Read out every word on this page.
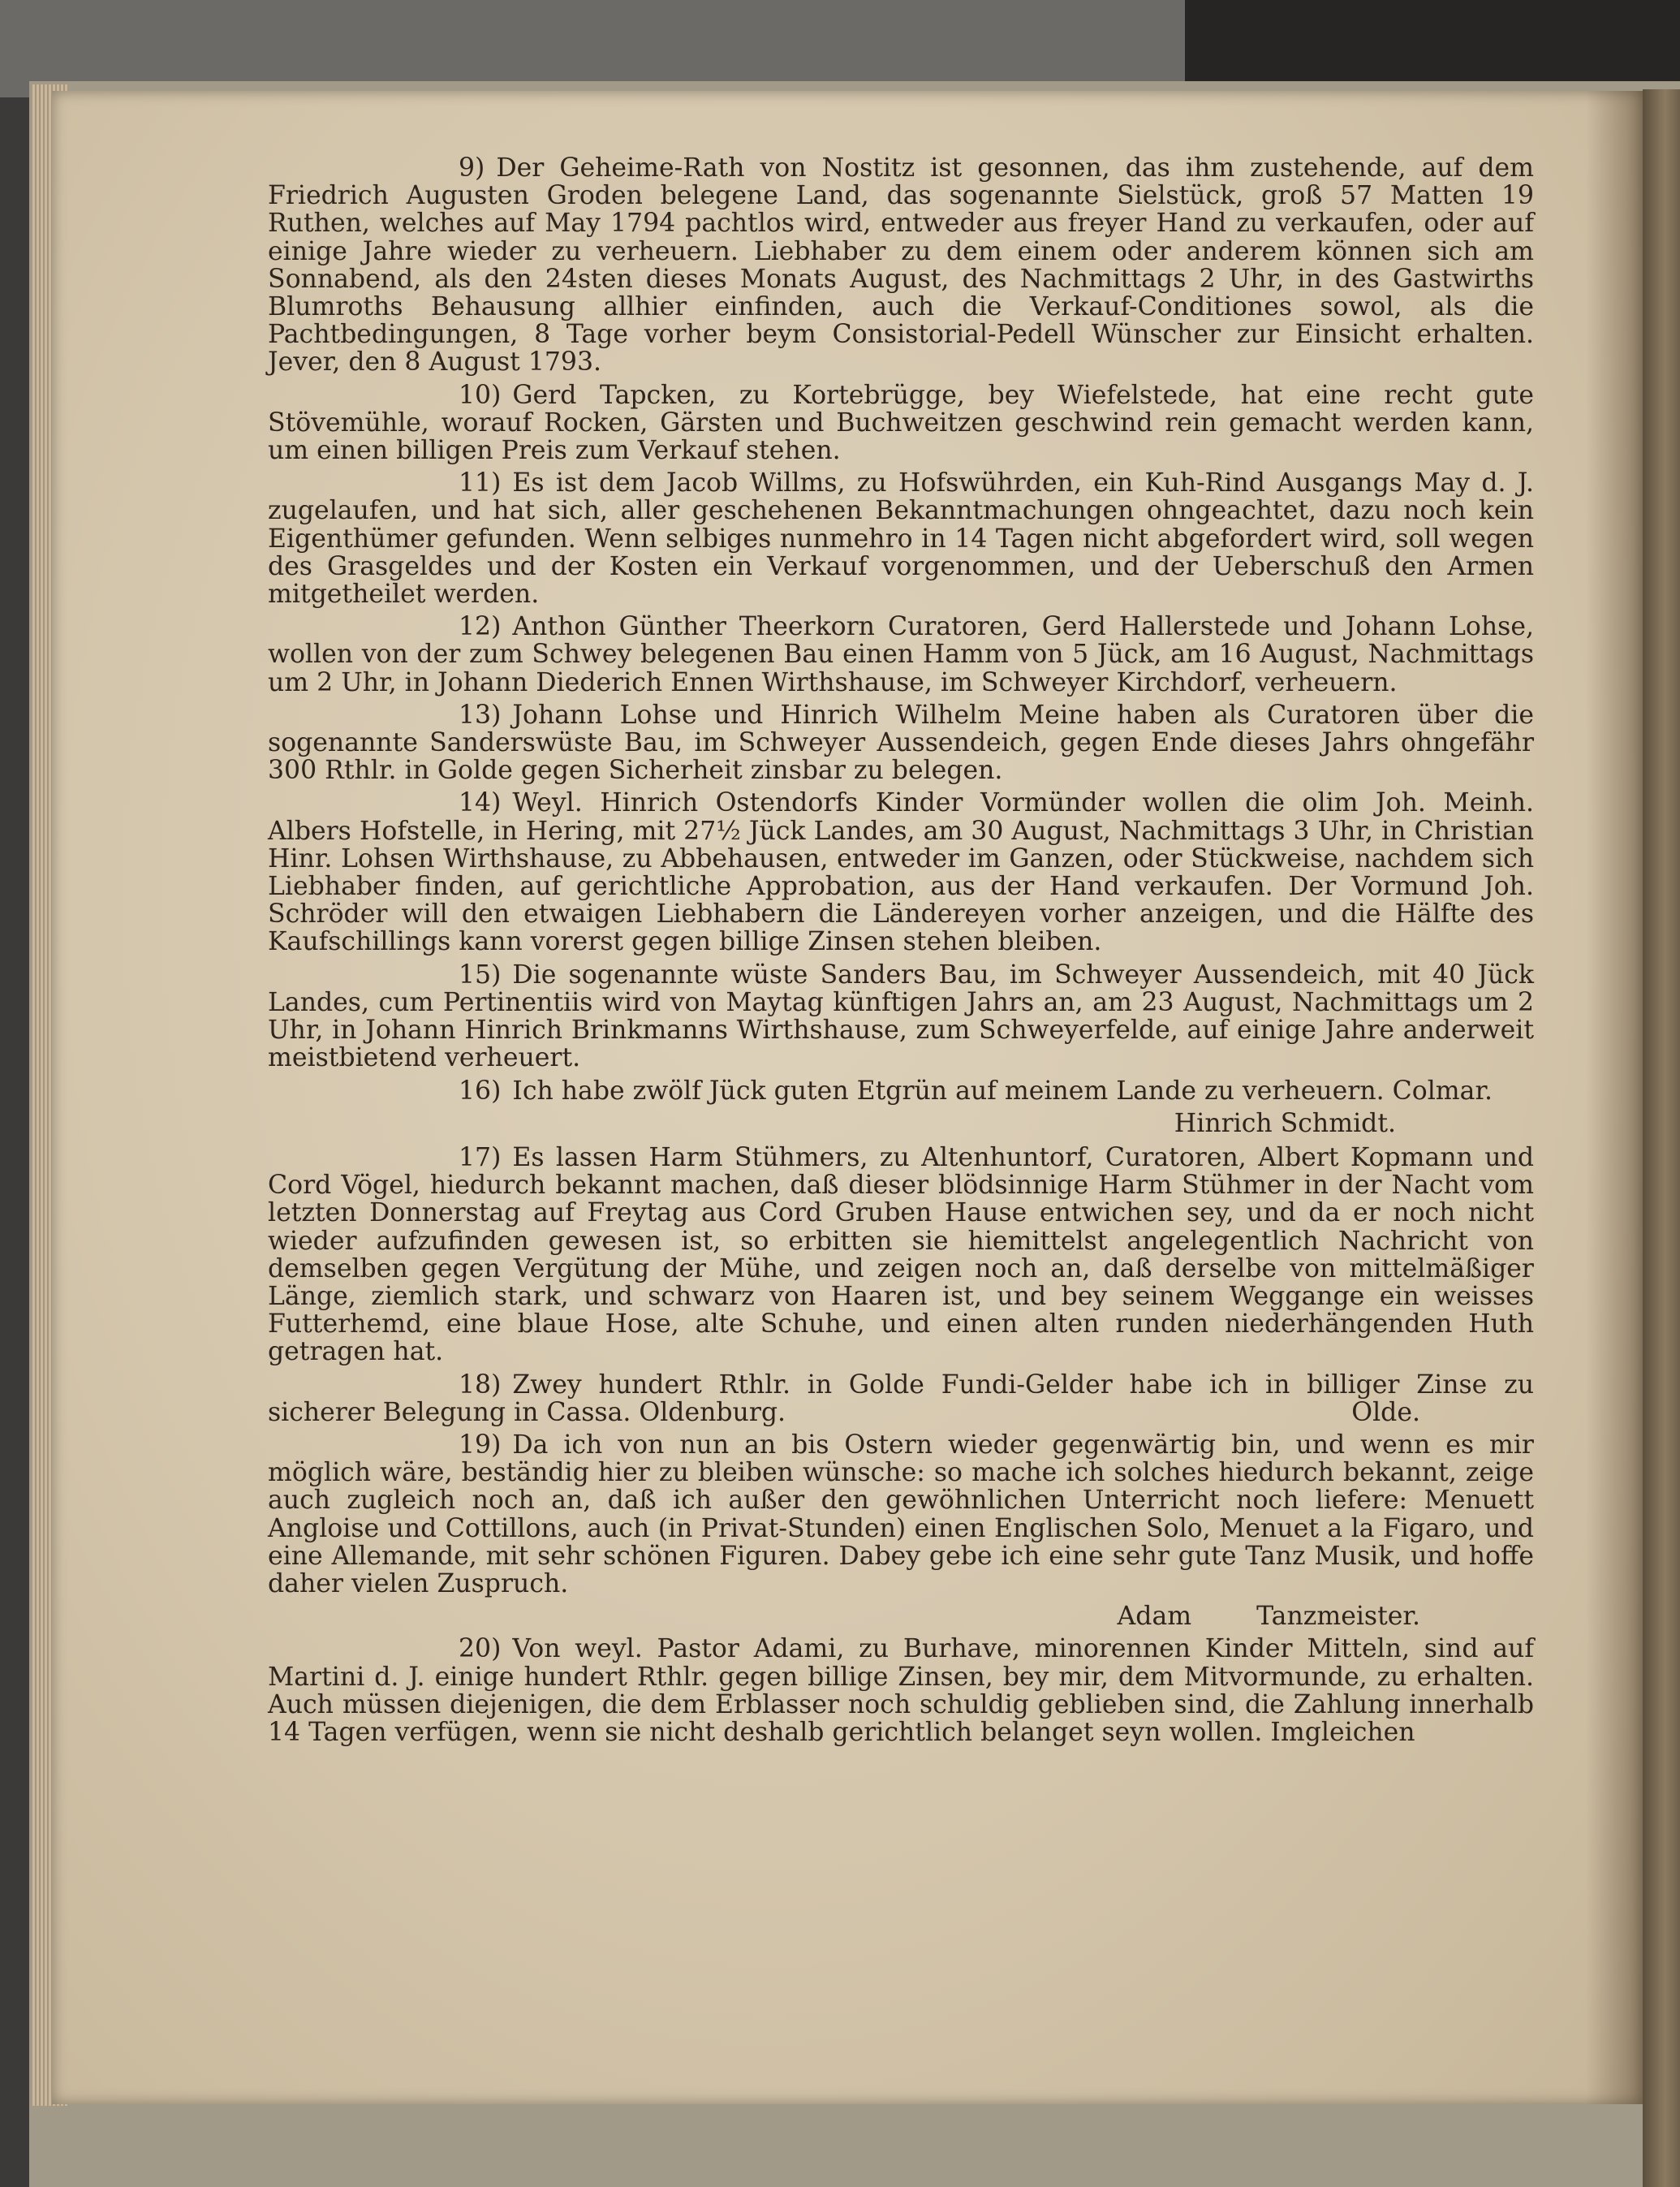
9) Der Geheime-Rath von Nostitz ist gesonnen, das ihm zustehende, auf dem Friedrich Augusten Groden belegene Land, das sogenannte Sielstück, groß 57 Matten 19 Ruthen, welches auf May 1794 pachtlos wird, entweder aus freyer Hand zu verkaufen, oder auf einige Jahre wieder zu verheuern. Liebhaber zu dem einem oder anderem können sich am Sonnabend, als den 24sten dieses Monats August, des Nachmittags 2 Uhr, in des Gastwirths Blumroths Behausung allhier einfinden, auch die Verkauf-Conditiones sowol, als die Pachtbedingungen, 8 Tage vorher beym Consistorial-Pedell Wünscher zur Einsicht erhalten. Jever, den 8 August 1793.

10) Gerd Tapcken, zu Kortebrügge, bey Wiefelstede, hat eine recht gute Stövemühle, worauf Rocken, Gärsten und Buchweitzen geschwind rein gemacht werden kann, um einen billigen Preis zum Verkauf stehen.

11) Es ist dem Jacob Willms, zu Hofswührden, ein Kuh-Rind Ausgangs May d. J. zugelaufen, und hat sich, aller geschehenen Bekanntmachungen ohngeachtet, dazu noch kein Eigenthümer gefunden. Wenn selbiges nunmehro in 14 Tagen nicht abgefordert wird, soll wegen des Grasgeldes und der Kosten ein Verkauf vorgenommen, und der Ueberschuß den Armen mitgetheilet werden.

12) Anthon Günther Theerkorn Curatoren, Gerd Hallerstede und Johann Lohse, wollen von der zum Schwey belegenen Bau einen Hamm von 5 Jück, am 16 August, Nachmittags um 2 Uhr, in Johann Diederich Ennen Wirthshause, im Schweyer Kirchdorf, verheuern.

13) Johann Lohse und Hinrich Wilhelm Meine haben als Curatoren über die sogenannte Sanderswüste Bau, im Schweyer Aussendeich, gegen Ende dieses Jahrs ohngefähr 300 Rthlr. in Golde gegen Sicherheit zinsbar zu belegen.

14) Weyl. Hinrich Ostendorfs Kinder Vormünder wollen die olim Joh. Meinh. Albers Hofstelle, in Hering, mit 27½ Jück Landes, am 30 August, Nachmittags 3 Uhr, in Christian Hinr. Lohsen Wirthshause, zu Abbehausen, entweder im Ganzen, oder Stückweise, nachdem sich Liebhaber finden, auf gerichtliche Approbation, aus der Hand verkaufen. Der Vormund Joh. Schröder will den etwaigen Liebhabern die Ländereyen vorher anzeigen, und die Hälfte des Kaufschillings kann vorerst gegen billige Zinsen stehen bleiben.

15) Die sogenannte wüste Sanders Bau, im Schweyer Aussendeich, mit 40 Jück Landes, cum Pertinentiis wird von Maytag künftigen Jahrs an, am 23 August, Nachmittags um 2 Uhr, in Johann Hinrich Brinkmanns Wirthshause, zum Schweyerfelde, auf einige Jahre anderweit meistbietend verheuert.

16) Ich habe zwölf Jück guten Etgrün auf meinem Lande zu verheuern. Colmar.

Hinrich Schmidt.

17) Es lassen Harm Stühmers, zu Altenhuntorf, Curatoren, Albert Kopmann und Cord Vögel, hiedurch bekannt machen, daß dieser blödsinnige Harm Stühmer in der Nacht vom letzten Donnerstag auf Freytag aus Cord Gruben Hause entwichen sey, und da er noch nicht wieder aufzufinden gewesen ist, so erbitten sie hiemittelst angelegentlich Nachricht von demselben gegen Vergütung der Mühe, und zeigen noch an, daß derselbe von mittelmäßiger Länge, ziemlich stark, und schwarz von Haaren ist, und bey seinem Weggange ein weisses Futterhemd, eine blaue Hose, alte Schuhe, und einen alten runden niederhängenden Huth getragen hat.

18) Zwey hundert Rthlr. in Golde Fundi-Gelder habe ich in billiger Zinse zu sicherer Belegung in Cassa. Oldenburg.	Olde.

19) Da ich von nun an bis Ostern wieder gegenwärtig bin, und wenn es mir möglich wäre, beständig hier zu bleiben wünsche: so mache ich solches hiedurch bekannt, zeige auch zugleich noch an, daß ich außer den gewöhnlichen Unterricht noch liefere: Menuett Angloise und Cottillons, auch (in Privat-Stunden) einen Englischen Solo, Menuet a la Figaro, und eine Allemande, mit sehr schönen Figuren. Dabey gebe ich eine sehr gute Tanz Musik, und hoffe daher vielen Zuspruch.

Adam	Tanzmeister.

20) Von weyl. Pastor Adami, zu Burhave, minorennen Kinder Mitteln, sind auf Martini d. J. einige hundert Rthlr. gegen billige Zinsen, bey mir, dem Mitvormunde, zu erhalten. Auch müssen diejenigen, die dem Erblasser noch schuldig geblieben sind, die Zahlung innerhalb 14 Tagen verfügen, wenn sie nicht deshalb gerichtlich belanget seyn wollen. Imgleichen
